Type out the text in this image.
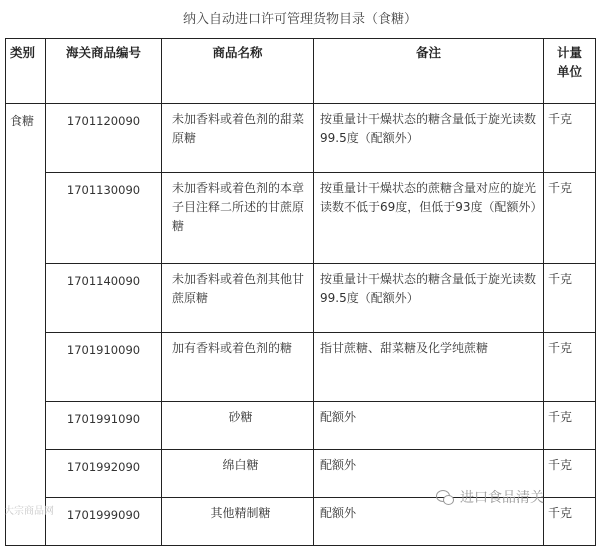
纳入自动进口许可管理货物目录（食糖）
类别	海关商品编号	商品名称	备注	计量
单位
食糖	1701120090	未加香料或着色剂的甜菜原糖	按重量计干燥状态的糖含量低于旋光读数99.5度（配额外）	千克
	1701130090	未加香料或着色剂的本章子目注释二所述的甘蔗原糖	按重量计干燥状态的蔗糖含量对应的旋光读数不低于69度，但低于93度（配额外）	千克
	1701140090	未加香料或着色剂其他甘蔗原糖	按重量计干燥状态的糖含量低于旋光读数99.5度（配额外）	千克
	1701910090	加有香料或着色剂的糖	指甘蔗糖、甜菜糖及化学纯蔗糖	千克
	1701991090	砂糖	配额外	千克
	1701992090	绵白糖	配额外	千克
	1701999090	其他精制糖	配额外	千克
大宗商品网
进口食品清关
